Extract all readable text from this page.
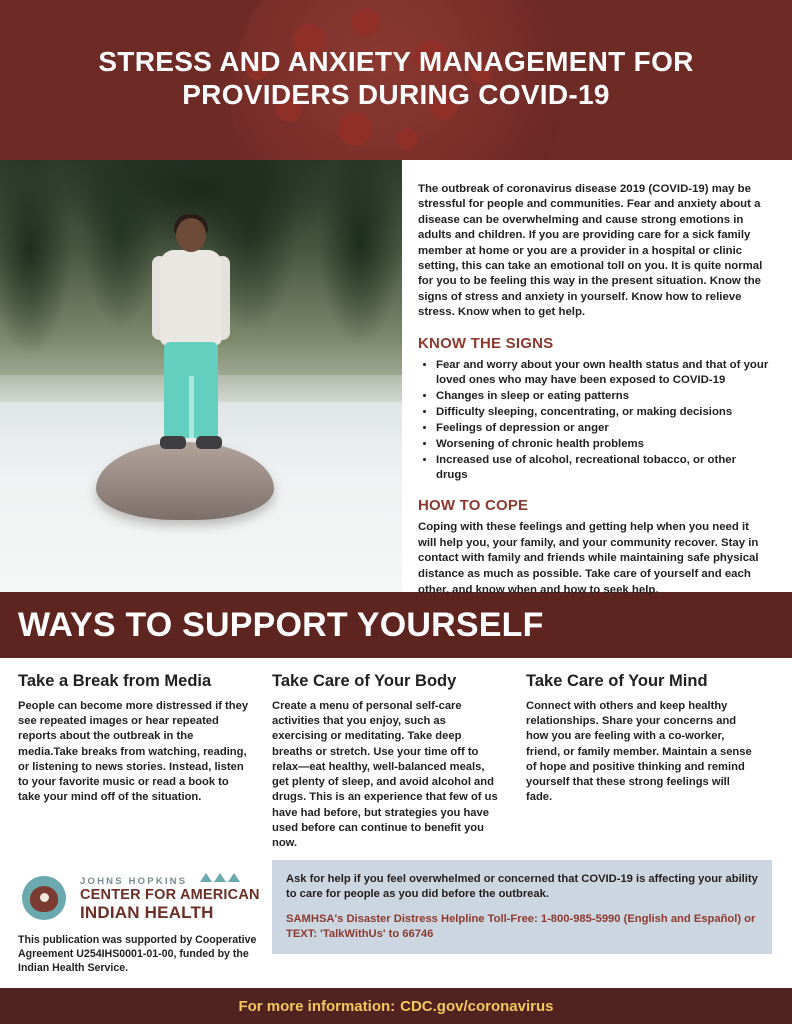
STRESS AND ANXIETY MANAGEMENT FOR PROVIDERS DURING COVID-19

The outbreak of coronavirus disease 2019 (COVID-19) may be stressful for people and communities. Fear and anxiety about a disease can be overwhelming and cause strong emotions in adults and children. If you are providing care for a sick family member at home or you are a provider in a hospital or clinic setting, this can take an emotional toll on you. It is quite normal for you to be feeling this way in the present situation. Know the signs of stress and anxiety in yourself. Know how to relieve stress. Know when to get help.

KNOW THE SIGNS
• Fear and worry about your own health status and that of your loved ones who may have been exposed to COVID-19
• Changes in sleep or eating patterns
• Difficulty sleeping, concentrating, or making decisions
• Feelings of depression or anger
• Worsening of chronic health problems
• Increased use of alcohol, recreational tobacco, or other drugs
HOW TO COPE

Coping with these feelings and getting help when you need it will help you, your family, and your community recover. Stay in contact with family and friends while maintaining safe physical distance as much as possible. Take care of yourself and each other, and know when and how to seek help.

WAYS TO SUPPORT YOURSELF
Take a Break from Media

People can become more distressed if they see repeated images or hear repeated reports about the outbreak in the media.Take breaks from watching, reading, or listening to news stories. Instead, listen to your favorite music or read a book to take your mind off of the situation.

Take Care of Your Body

Create a menu of personal self-care activities that you enjoy, such as exercising or meditating. Take deep breaths or stretch. Use your time off to relax—eat healthy, well-balanced meals, get plenty of sleep, and avoid alcohol and drugs. This is an experience that few of us have had before, but strategies you have used before can continue to benefit you now.

Take Care of Your Mind

Connect with others and keep healthy relationships. Share your concerns and how you are feeling with a co-worker, friend, or family member. Maintain a sense of hope and positive thinking and remind yourself that these strong feelings will fade.

JOHNS HOPKINS
CENTER FOR AMERICAN
INDIAN HEALTH

This publication was supported by Cooperative Agreement U254IHS0001-01-00, funded by the Indian Health Service.

Ask for help if you feel overwhelmed or concerned that COVID-19 is affecting your ability to care for people as you did before the outbreak.

SAMHSA's Disaster Distress Helpline Toll-Free: 1-800-985-5990 (English and Español) or TEXT: 'TalkWithUs' to 66746

For more information: CDC.gov/coronavirus
